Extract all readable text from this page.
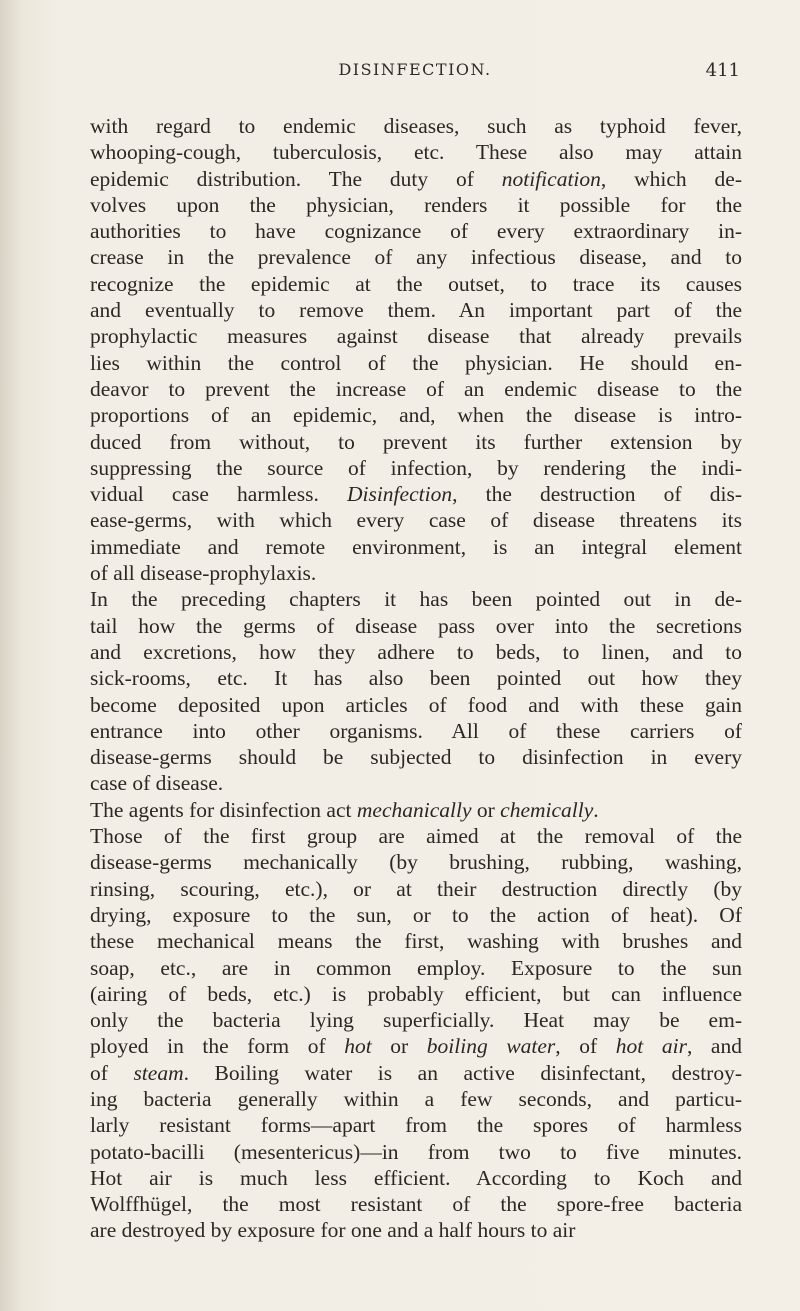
DISINFECTION.	411
with regard to endemic diseases, such as typhoid fever,
whooping-cough, tuberculosis, etc. These also may attain
epidemic distribution. The duty of notification, which de-
volves upon the physician, renders it possible for the
authorities to have cognizance of every extraordinary in-
crease in the prevalence of any infectious disease, and to
recognize the epidemic at the outset, to trace its causes
and eventually to remove them. An important part of the
prophylactic measures against disease that already prevails
lies within the control of the physician. He should en-
deavor to prevent the increase of an endemic disease to the
proportions of an epidemic, and, when the disease is intro-
duced from without, to prevent its further extension by
suppressing the source of infection, by rendering the indi-
vidual case harmless. Disinfection, the destruction of dis-
ease-germs, with which every case of disease threatens its
immediate and remote environment, is an integral element
of all disease-prophylaxis.
In the preceding chapters it has been pointed out in de-
tail how the germs of disease pass over into the secretions
and excretions, how they adhere to beds, to linen, and to
sick-rooms, etc. It has also been pointed out how they
become deposited upon articles of food and with these gain
entrance into other organisms. All of these carriers of
disease-germs should be subjected to disinfection in every
case of disease.
The agents for disinfection act mechanically or chemically.
Those of the first group are aimed at the removal of the
disease-germs mechanically (by brushing, rubbing, washing,
rinsing, scouring, etc.), or at their destruction directly (by
drying, exposure to the sun, or to the action of heat). Of
these mechanical means the first, washing with brushes and
soap, etc., are in common employ. Exposure to the sun
(airing of beds, etc.) is probably efficient, but can influence
only the bacteria lying superficially. Heat may be em-
ployed in the form of hot or boiling water, of hot air, and
of steam. Boiling water is an active disinfectant, destroy-
ing bacteria generally within a few seconds, and particu-
larly resistant forms—apart from the spores of harmless
potato-bacilli (mesentericus)—in from two to five minutes.
Hot air is much less efficient. According to Koch and
Wolffhügel, the most resistant of the spore-free bacteria
are destroyed by exposure for one and a half hours to air
